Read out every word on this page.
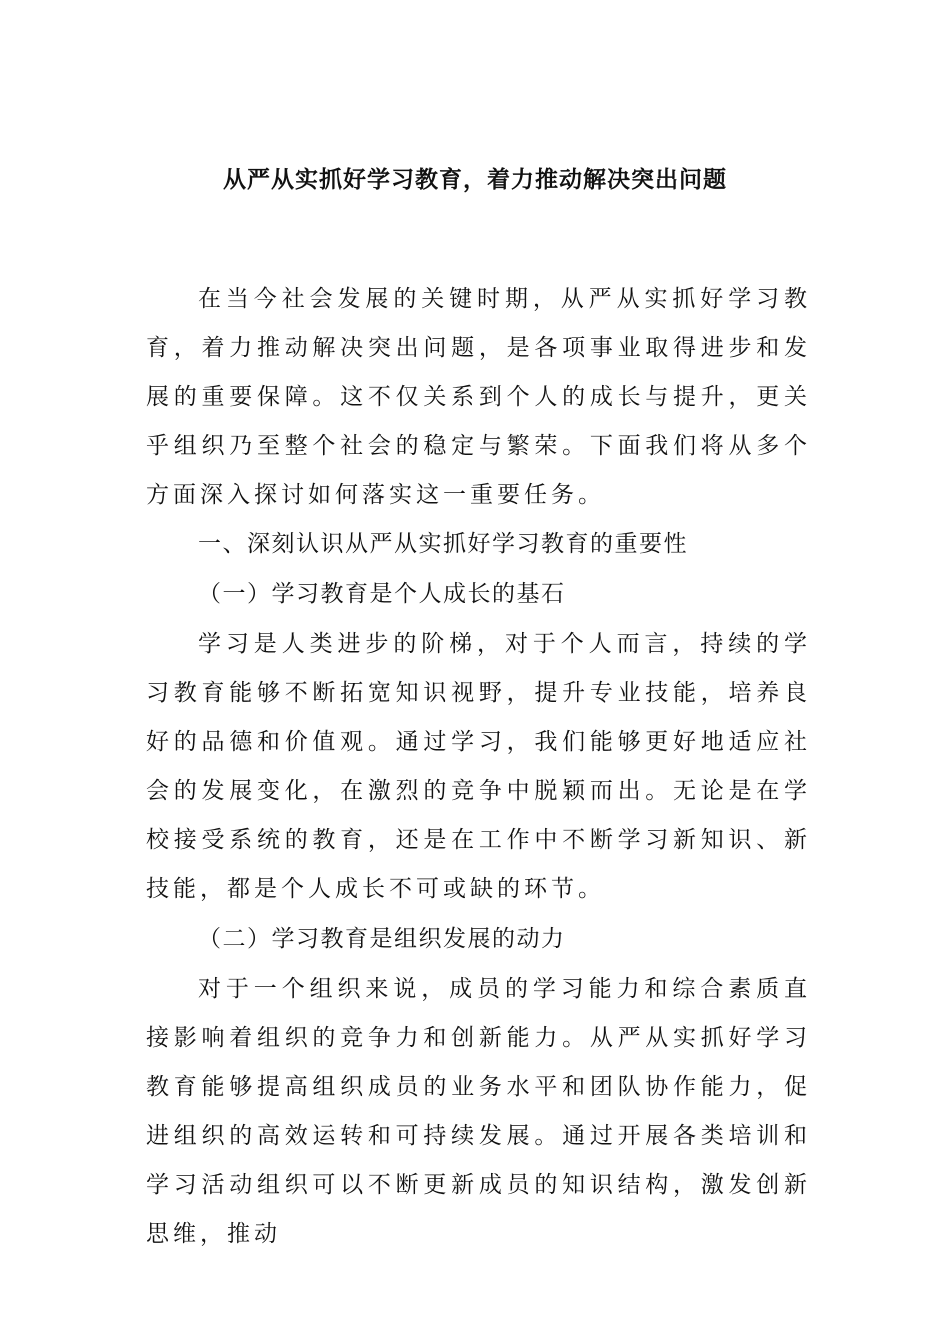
从严从实抓好学习教育，着力推动解决突出问题

在当今社会发展的关键时期，从严从实抓好学习教育，着力推动解决突出问题，是各项事业取得进步和发展的重要保障。这不仅关系到个人的成长与提升，更关乎组织乃至整个社会的稳定与繁荣。下面我们将从多个方面深入探讨如何落实这一重要任务。

一、深刻认识从严从实抓好学习教育的重要性

（一）学习教育是个人成长的基石

学习是人类进步的阶梯，对于个人而言，持续的学习教育能够不断拓宽知识视野，提升专业技能，培养良好的品德和价值观。通过学习，我们能够更好地适应社会的发展变化，在激烈的竞争中脱颖而出。无论是在学校接受系统的教育，还是在工作中不断学习新知识、新技能，都是个人成长不可或缺的环节。

（二）学习教育是组织发展的动力

对于一个组织来说，成员的学习能力和综合素质直接影响着组织的竞争力和创新能力。从严从实抓好学习教育能够提高组织成员的业务水平和团队协作能力，促进组织的高效运转和可持续发展。通过开展各类培训和学习活动组织可以不断更新成员的知识结构，激发创新思维，推动
